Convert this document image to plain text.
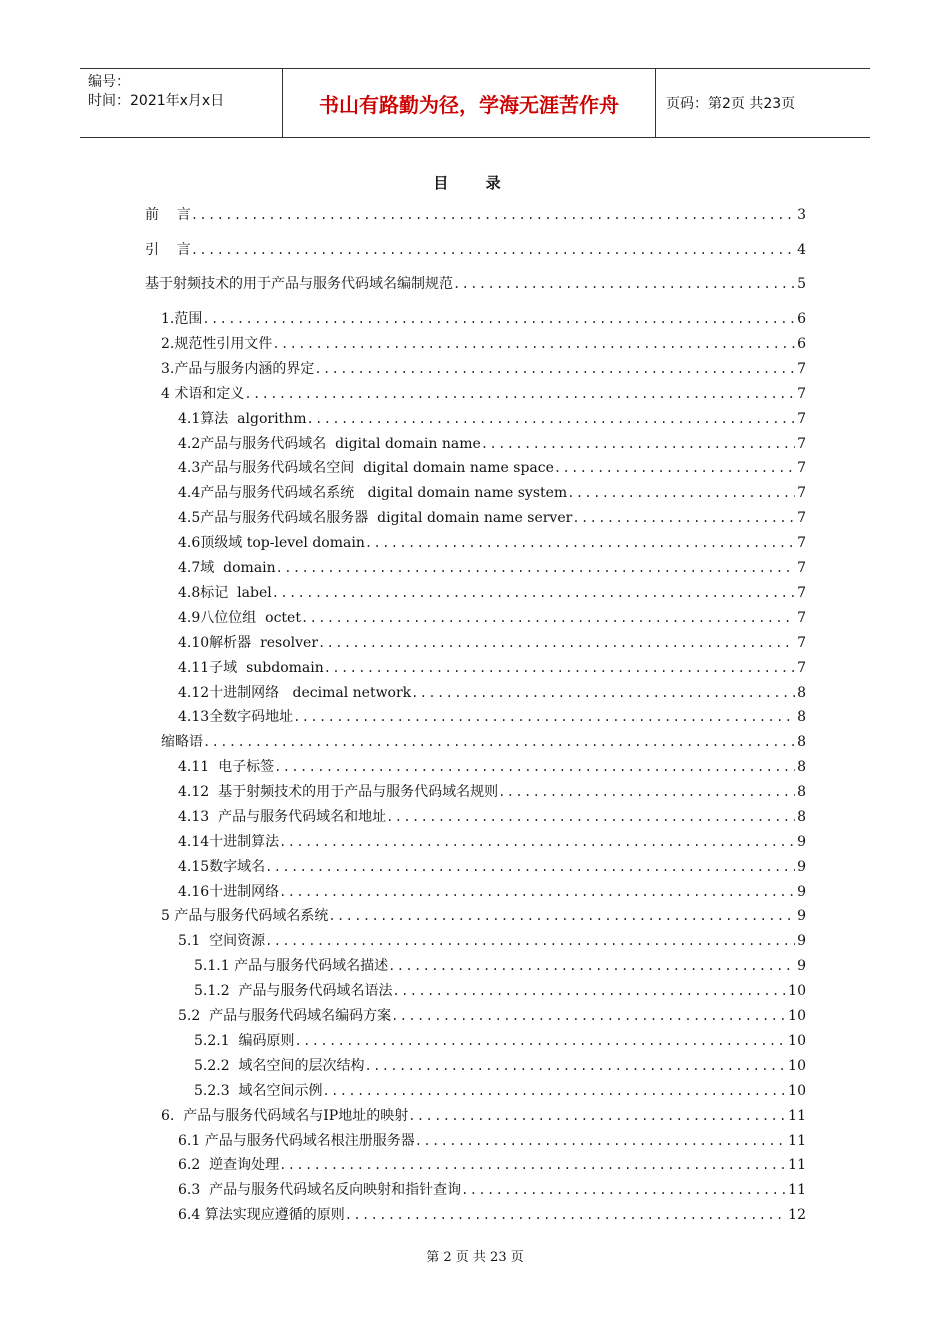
编号：
时间：2021年x月x日	书山有路勤为径，学海无涯苦作舟	页码：第2页 共23页
目 录
前    言 .....	3
引    言 .....	4
基于射频技术的用于产品与服务代码域名编制规范 .....	5
1.范围 .....	6
2.规范性引用文件 .....	6
3.产品与服务内涵的界定 .....	7
4 术语和定义 .....	7
4.1算法  algorithm .....	7
4.2产品与服务代码域名  digital domain name .....	7
4.3产品与服务代码域名空间  digital domain name space .....	7
4.4产品与服务代码域名系统   digital domain name system .....	7
4.5产品与服务代码域名服务器  digital domain name server .....	7
4.6顶级域 top-level domain .....	7
4.7域  domain .....	7
4.8标记  label .....	7
4.9八位位组  octet .....	7
4.10解析器  resolver .....	7
4.11子域  subdomain .....	7
4.12十进制网络   decimal network .....	8
4.13全数字码地址 .....	8
缩略语 .....	8
4.11  电子标签 .....	8
4.12  基于射频技术的用于产品与服务代码域名规则 .....	8
4.13  产品与服务代码域名和地址 .....	8
4.14十进制算法 .....	9
4.15数字域名 .....	9
4.16十进制网络 .....	9
5 产品与服务代码域名系统 .....	9
5.1  空间资源 .....	9
5.1.1 产品与服务代码域名描述 .....	9
5.1.2  产品与服务代码域名语法 .....	10
5.2  产品与服务代码域名编码方案 .....	10
5.2.1  编码原则 .....	10
5.2.2  域名空间的层次结构 .....	10
5.2.3  域名空间示例 .....	10
6.  产品与服务代码域名与IP地址的映射 .....	11
6.1 产品与服务代码域名根注册服务器 .....	11
6.2  逆查询处理 .....	11
6.3  产品与服务代码域名反向映射和指针查询 .....	11
6.4 算法实现应遵循的原则 .....	12
第 2 页 共 23 页
